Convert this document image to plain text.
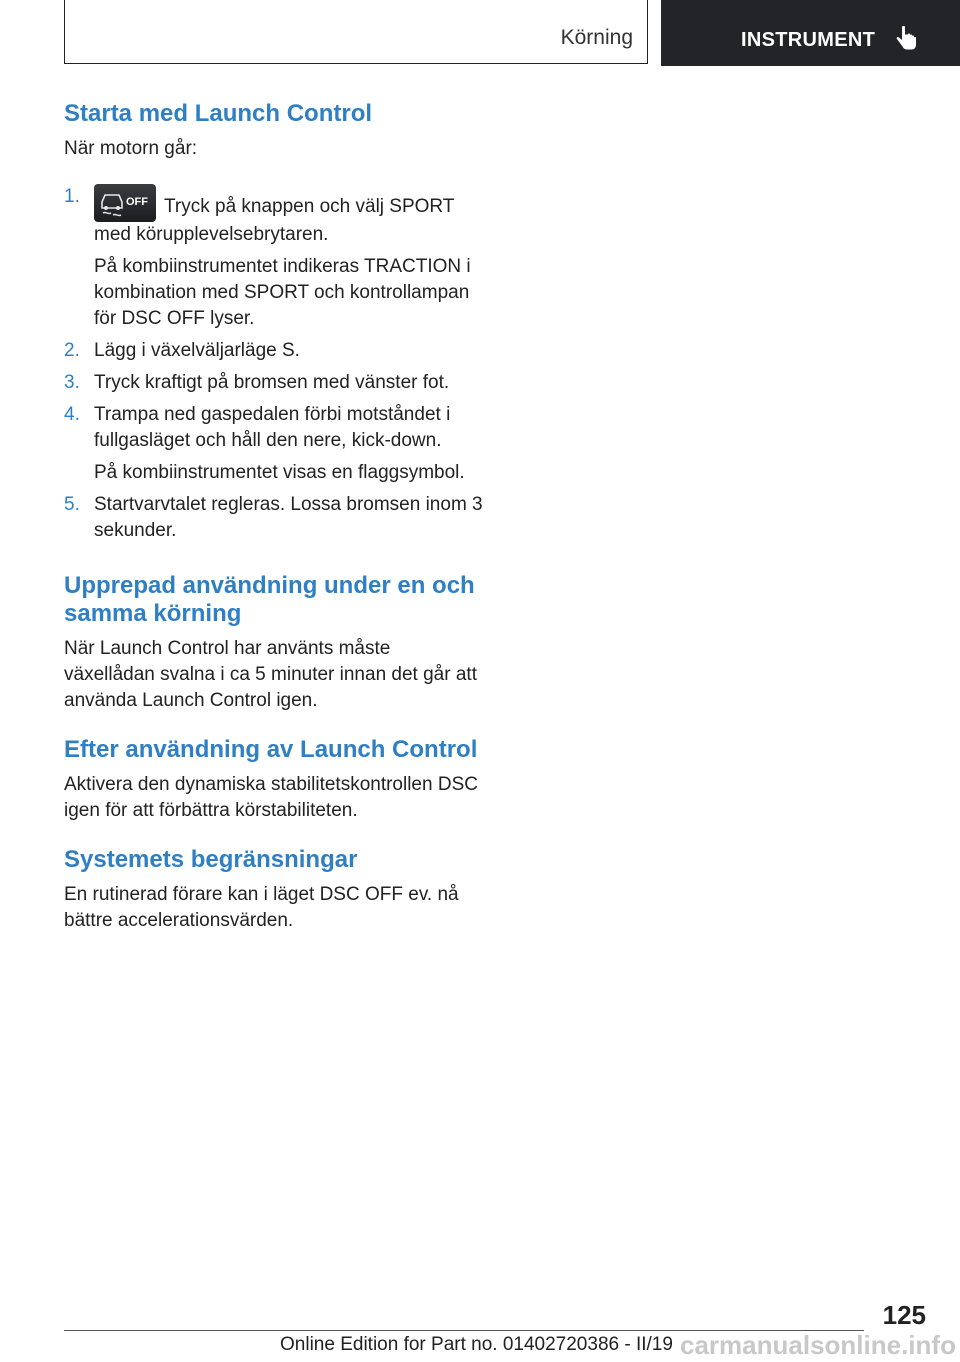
Körning	INSTRUMENT
Starta med Launch Control

När motorn går:

1.	OFF Tryck på knappen och välj SPORT med körupplevelsebrytaren.

På kombiinstrumentet indikeras TRACTION i kombination med SPORT och kontrollampan för DSC OFF lyser.

2. Lägg i växelväljarläge S.

3. Tryck kraftigt på bromsen med vänster fot.

4. Trampa ned gaspedalen förbi motståndet i fullgasläget och håll den nere, kick-down.

På kombiinstrumentet visas en flaggsymbol.

5. Startvarvtalet regleras. Lossa bromsen inom 3 sekunder.

Upprepad användning under en och samma körning

När Launch Control har använts måste växellådan svalna i ca 5 minuter innan det går att använda Launch Control igen.

Efter användning av Launch Control

Aktivera den dynamiska stabilitetskontrollen DSC igen för att förbättra körstabiliteten.

Systemets begränsningar

En rutinerad förare kan i läget DSC OFF ev. nå bättre accelerationsvärden.

125
Online Edition for Part no. 01402720386 - II/19 carmanualsonline.info
